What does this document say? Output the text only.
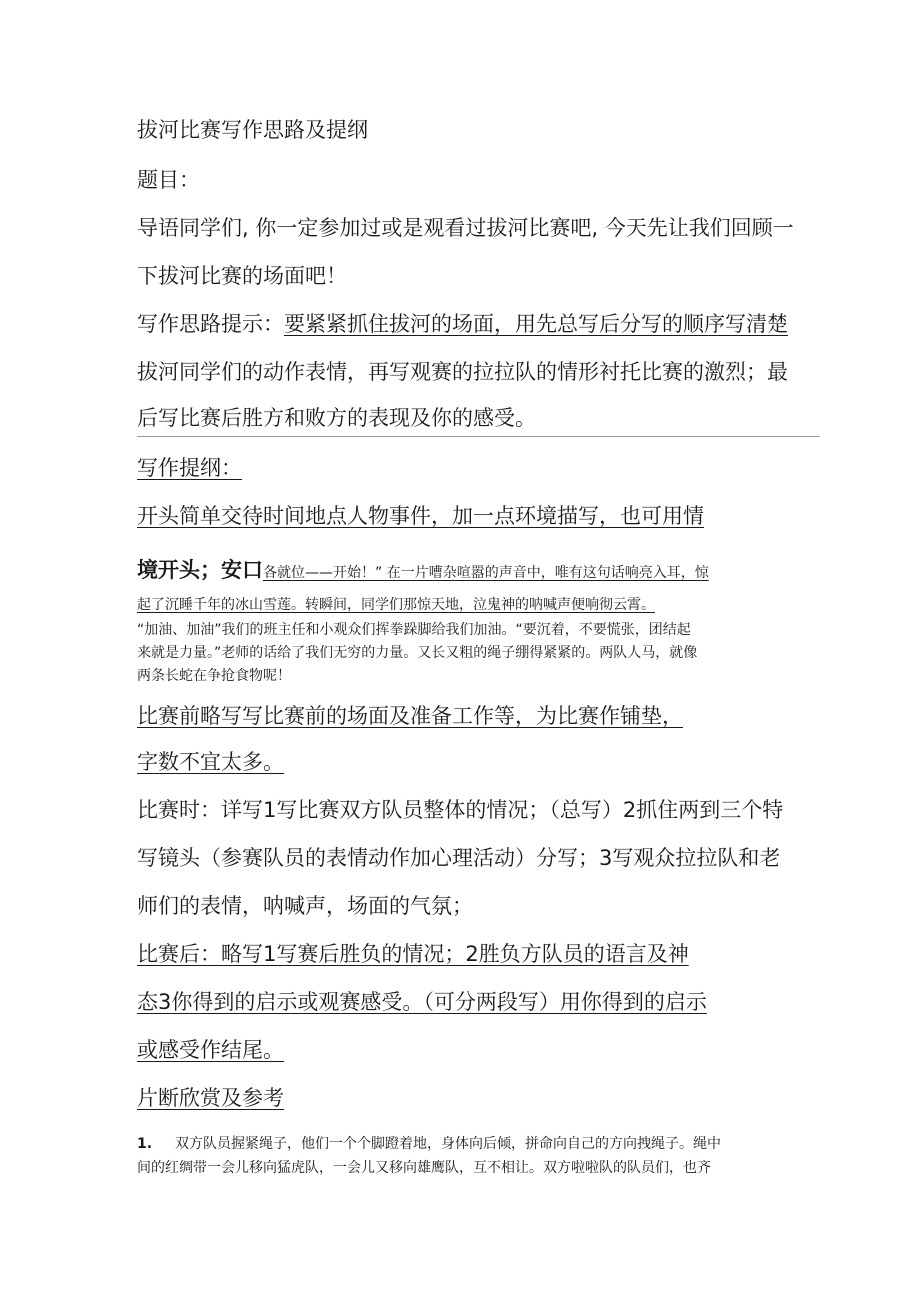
拔河比赛写作思路及提纲
题目：
导语同学们, 你一定参加过或是观看过拔河比赛吧, 今天先让我们回顾一
下拔河比赛的场面吧！
写作思路提示：要紧紧抓住拔河的场面，用先总写后分写的顺序写清楚
拔河同学们的动作表情，再写观赛的拉拉队的情形衬托比赛的激烈；最
后写比赛后胜方和败方的表现及你的感受。
写作提纲：
开头简单交待时间地点人物事件，加一点环境描写，也可用情
境开头；安口各就位——开始！” 在一片嘈杂喧嚣的声音中，唯有这句话响亮入耳，惊
起了沉睡千年的冰山雪莲。转瞬间，同学们那惊天地，泣鬼神的呐喊声便响彻云霄。
“加油、加油”我们的班主任和小观众们挥拳跺脚给我们加油。“要沉着，不要慌张，团结起
来就是力量。”老师的话给了我们无穷的力量。又长又粗的绳子绷得紧紧的。两队人马，就像
两条长蛇在争抢食物呢！
比赛前略写写比赛前的场面及准备工作等，为比赛作铺垫，
字数不宜太多。
比赛时：详写1写比赛双方队员整体的情况；（总写）2抓住两到三个特
写镜头（参赛队员的表情动作加心理活动）分写；3写观众拉拉队和老
师们的表情，呐喊声，场面的气氛；
比赛后：略写1写赛后胜负的情况；2胜负方队员的语言及神
态3你得到的启示或观赛感受。（可分两段写）用你得到的启示
或感受作结尾。
片断欣赏及参考
1. 双方队员握紧绳子，他们一个个脚蹬着地，身体向后倾，拼命向自己的方向拽绳子。绳中
间的红绸带一会儿移向猛虎队，一会儿又移向雄鹰队，互不相让。双方啦啦队的队员们，也齐
